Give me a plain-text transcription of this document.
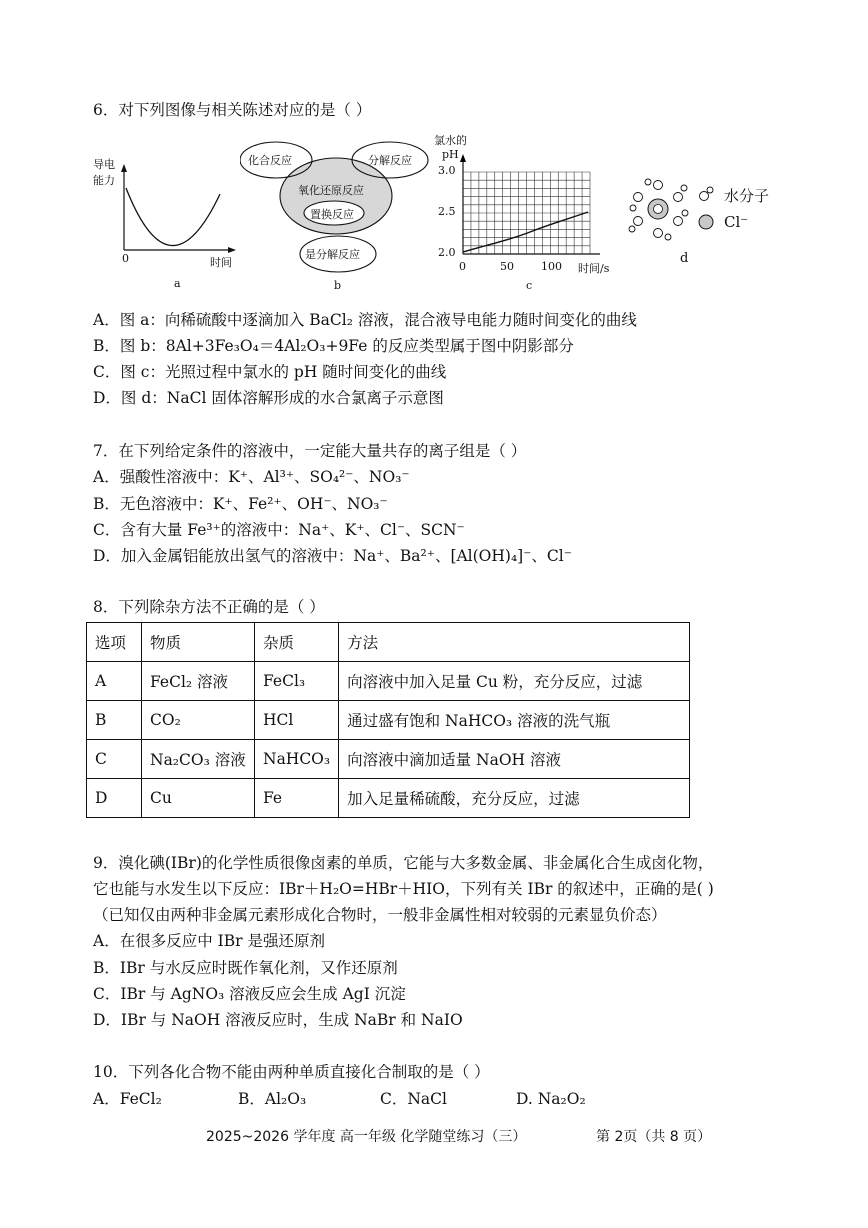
6．对下列图像与相关陈述对应的是（ ）
导电
能力
0	时间
a
化合反应	分解反应
氧化还原反应
置换反应
是分解反应
b
氯水的
pH
3.0
2.5
2.0
0	50 100 时间/s
c
水分子
Cl⁻
d
A．图 a：向稀硫酸中逐滴加入 BaCl₂ 溶液，混合液导电能力随时间变化的曲线
B．图 b：8Al+3Fe₃O₄＝4Al₂O₃+9Fe 的反应类型属于图中阴影部分
C．图 c：光照过程中氯水的 pH 随时间变化的曲线
D．图 d：NaCl 固体溶解形成的水合氯离子示意图
7．在下列给定条件的溶液中，一定能大量共存的离子组是（ ）
A．强酸性溶液中：K⁺、Al³⁺、SO₄²⁻、NO₃⁻
B．无色溶液中：K⁺、Fe²⁺、OH⁻、NO₃⁻
C．含有大量 Fe³⁺的溶液中：Na⁺、K⁺、Cl⁻、SCN⁻
D．加入金属铝能放出氢气的溶液中：Na⁺、Ba²⁺、[Al(OH)₄]⁻、Cl⁻
8．下列除杂方法不正确的是（ ）
选项	物质	杂质	方法
A	FeCl₂ 溶液	FeCl₃	向溶液中加入足量 Cu 粉，充分反应，过滤
B	CO₂	HCl	通过盛有饱和 NaHCO₃ 溶液的洗气瓶
C	Na₂CO₃ 溶液	NaHCO₃	向溶液中滴加适量 NaOH 溶液
D	Cu	Fe	加入足量稀硫酸，充分反应，过滤
9．溴化碘(IBr)的化学性质很像卤素的单质，它能与大多数金属、非金属化合生成卤化物，
它也能与水发生以下反应：IBr＋H₂O=HBr＋HIO，下列有关 IBr 的叙述中，正确的是( )
（已知仅由两种非金属元素形成化合物时，一般非金属性相对较弱的元素显负价态）
A．在很多反应中 IBr 是强还原剂
B．IBr 与水反应时既作氧化剂，又作还原剂
C．IBr 与 AgNO₃ 溶液反应会生成 AgI 沉淀
D．IBr 与 NaOH 溶液反应时，生成 NaBr 和 NaIO
10．下列各化合物不能由两种单质直接化合制取的是（ ）
A．FeCl₂	B．Al₂O₃	C．NaCl	D. Na₂O₂
2025~2026 学年度 高一年级 化学随堂练习（三）	第 2页（共 8 页）
